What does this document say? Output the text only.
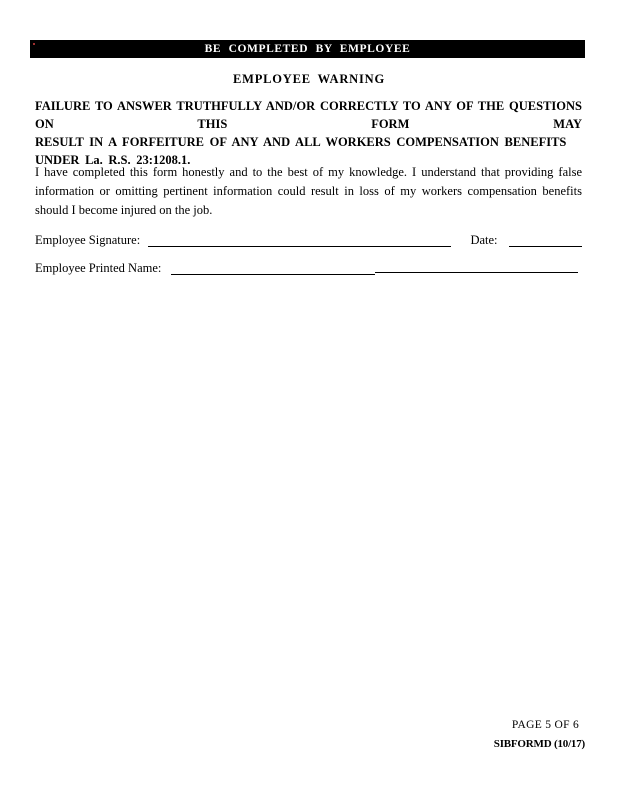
BE COMPLETED BY EMPLOYEE
EMPLOYEE WARNING
FAILURE TO ANSWER TRUTHFULLY AND/OR CORRECTLY TO ANY OF THE QUESTIONS ON THIS FORM MAY
RESULT IN A FORFEITURE OF ANY AND ALL WORKERS COMPENSATION BENEFITS UNDER La. R.S. 23:1208.1.
I have completed this form honestly and to the best of my knowledge. I understand that providing false
information or omitting pertinent information could result in loss of my workers compensation benefits
should I become injured on the job.
Employee Signature:	Date:
Employee Printed Name:
PAGE 5 OF 6
SIBFORMD (10/17)
